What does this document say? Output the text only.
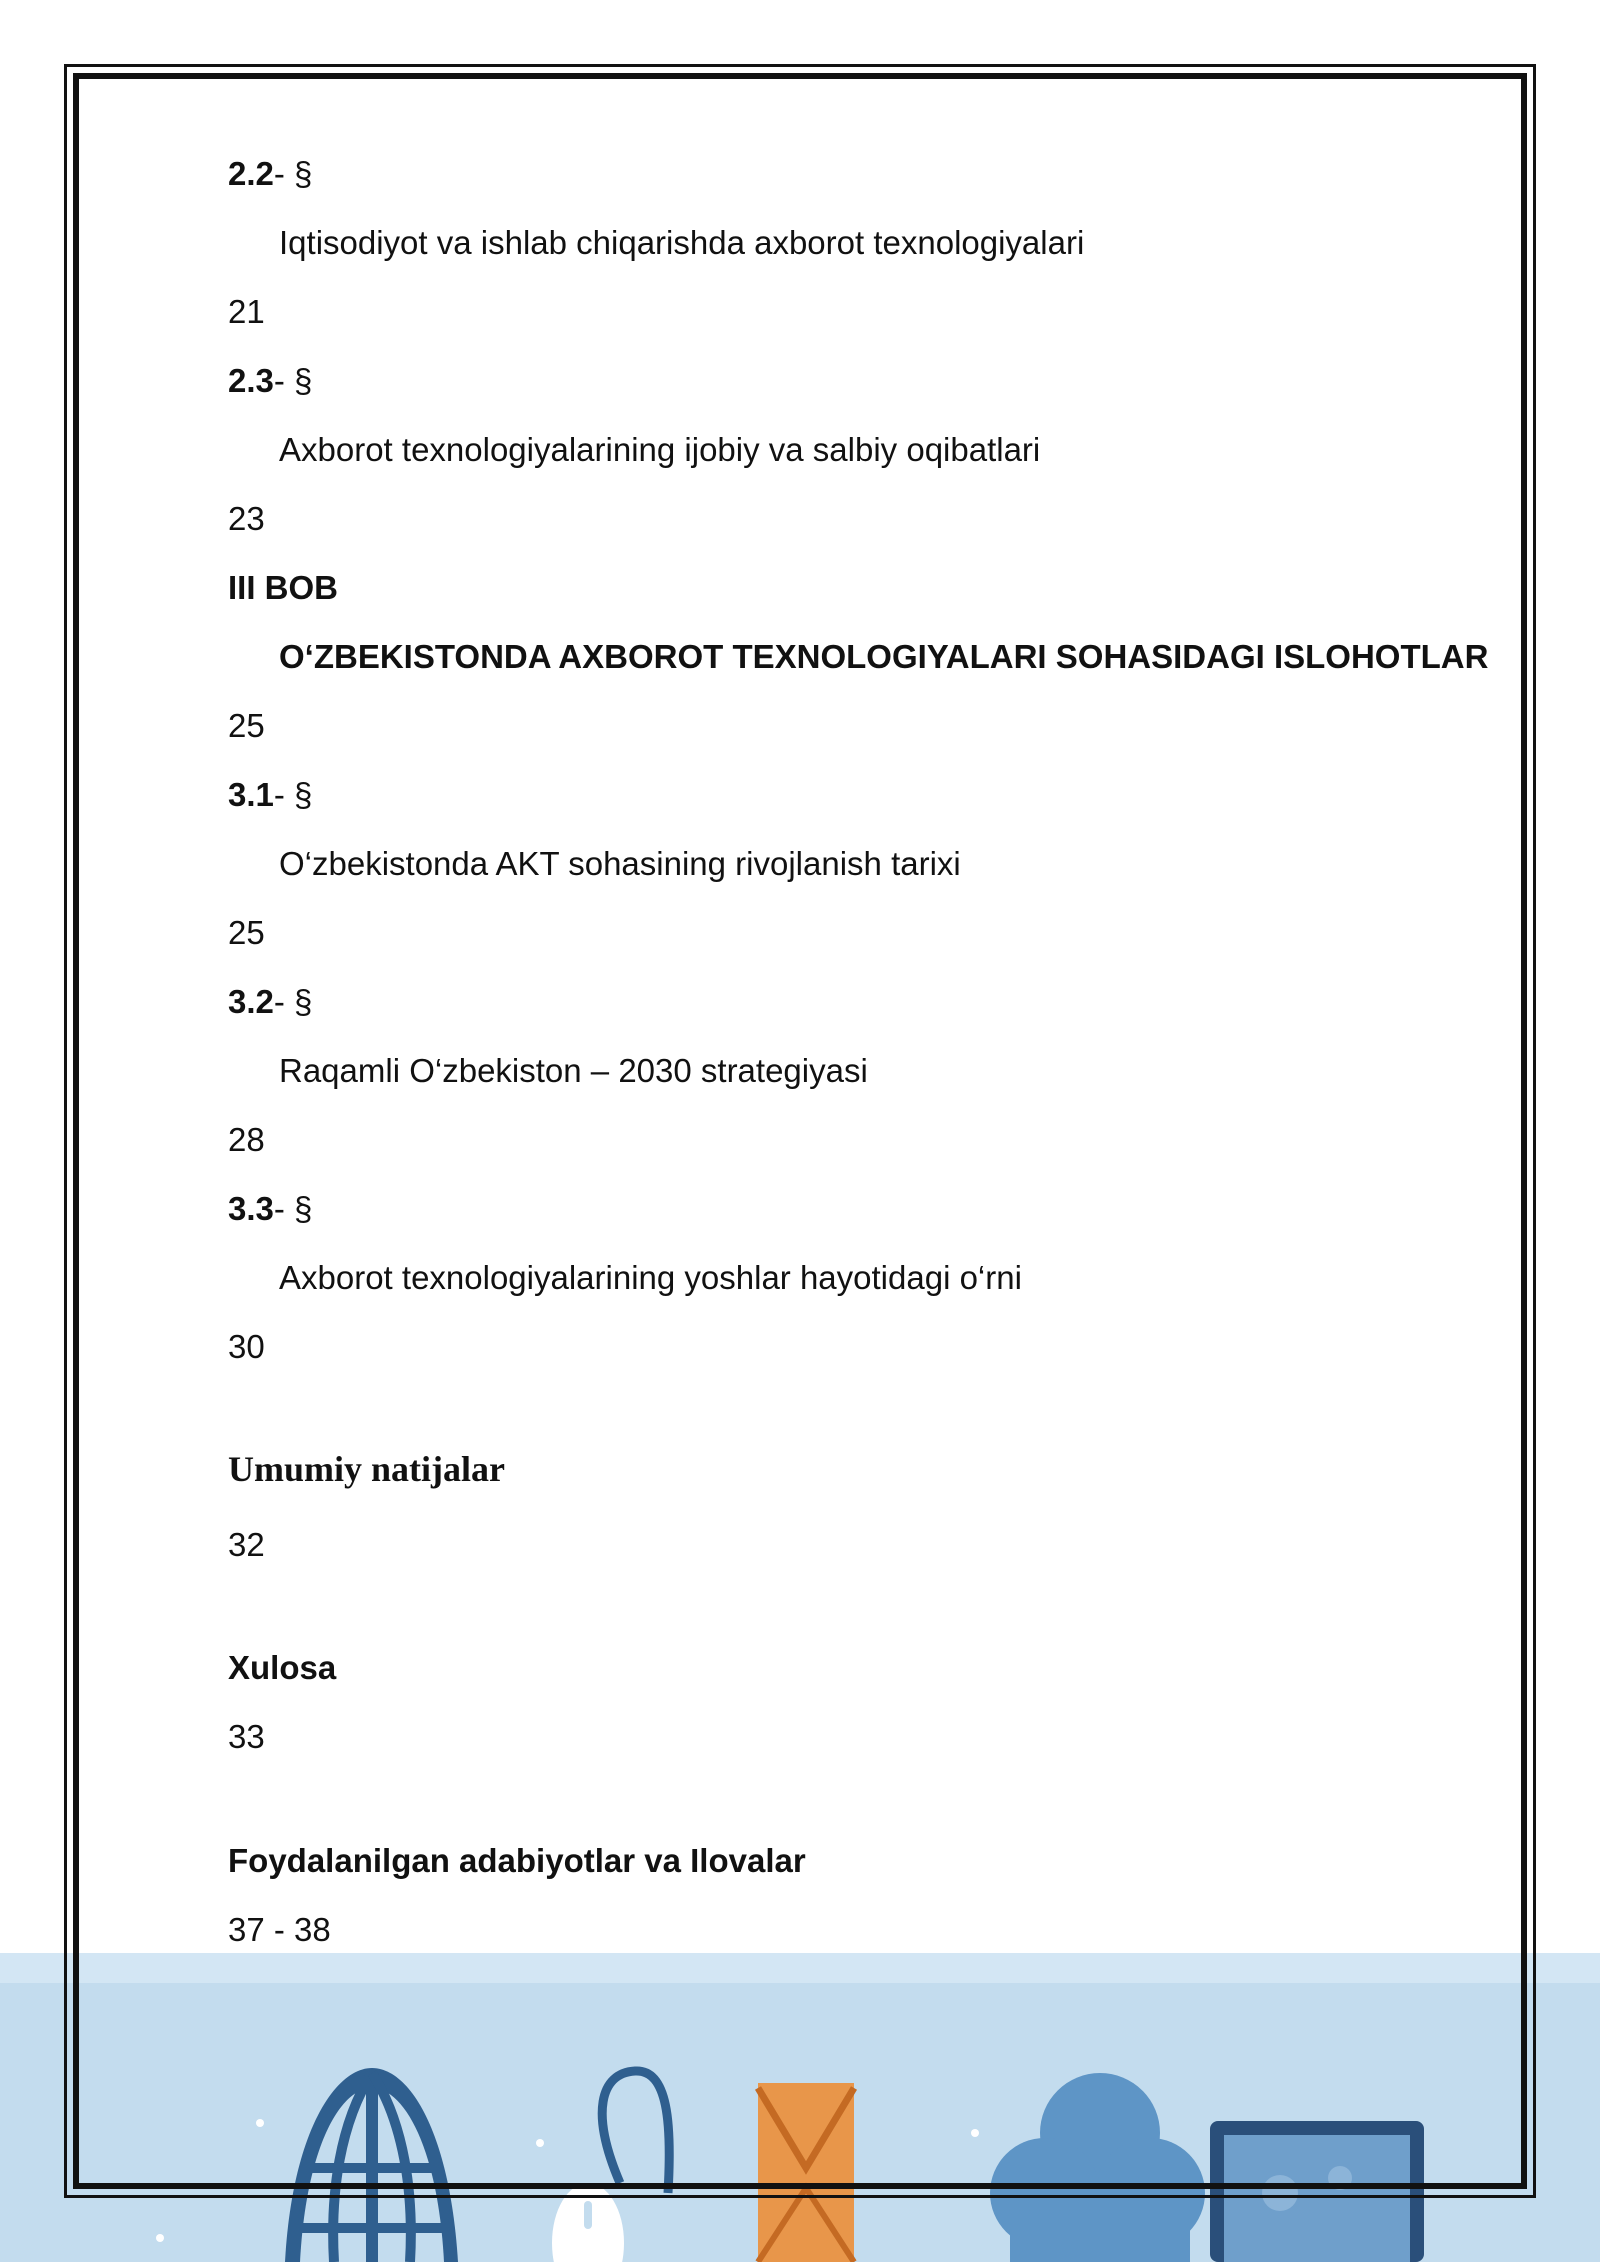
2.2- §
Iqtisodiyot va ishlab chiqarishda axborot texnologiyalari
21
2.3- §
Axborot texnologiyalarining ijobiy va salbiy oqibatlari
23
III BOB
O‘ZBEKISTONDA AXBOROT TEXNOLOGIYALARI SOHASIDAGI ISLOHOTLAR
25
3.1- §
O‘zbekistonda AKT sohasining rivojlanish tarixi
25
3.2- §
Raqamli O‘zbekiston – 2030 strategiyasi
28
3.3- §
Axborot texnologiyalarining yoshlar hayotidagi o‘rni
30
Umumiy natijalar
32
Xulosa
33
Foydalanilgan adabiyotlar va Ilovalar
37 - 38
